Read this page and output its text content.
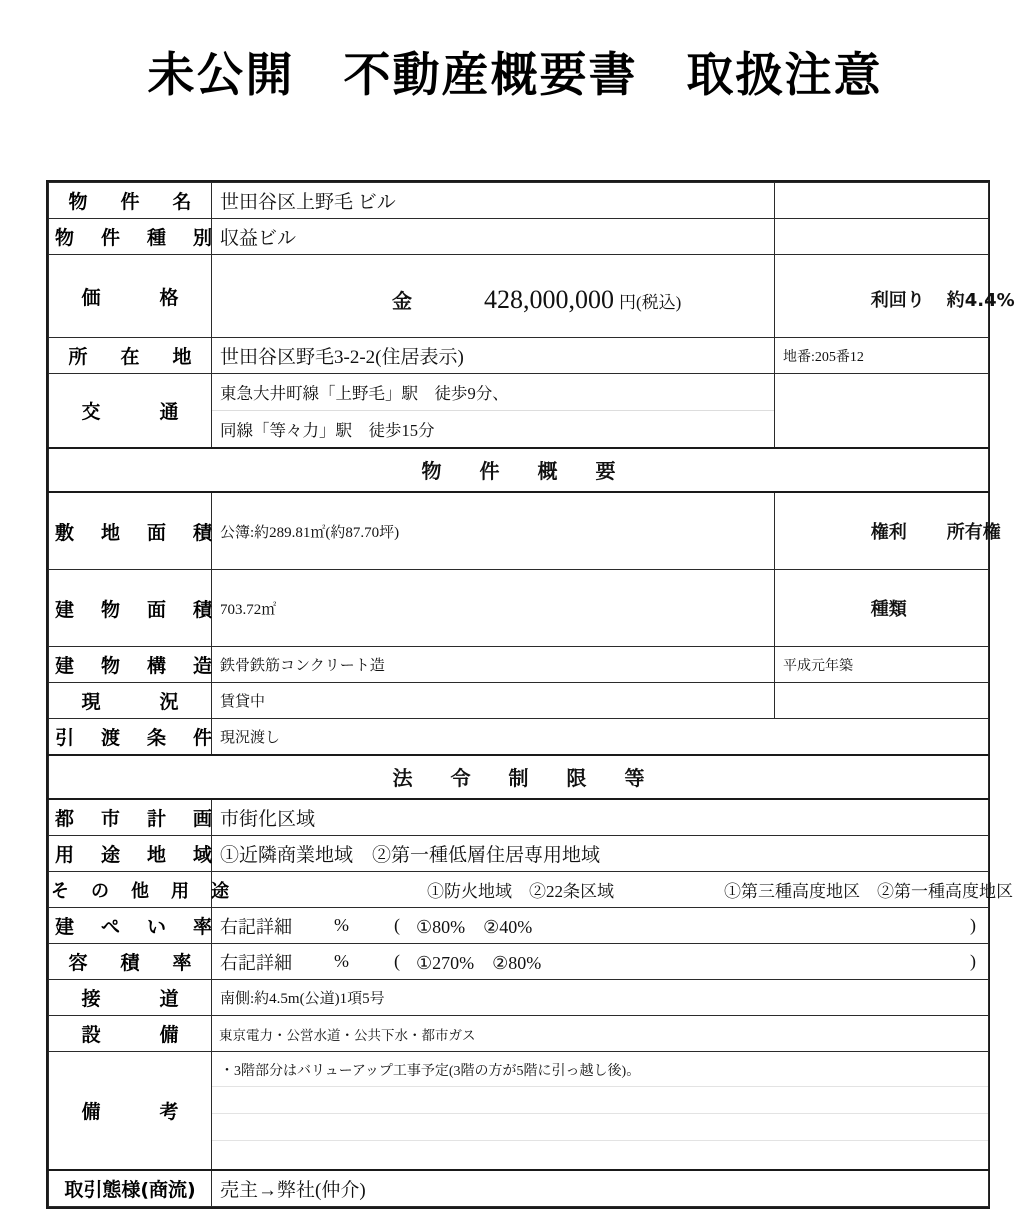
未公開　不動産概要書　取扱注意
物　件　名	世田谷区上野毛 ビル	

物　件　種　別	収益ビル	

価　　格	金 428,000,000 円(税込)	利回り 約4.4%

所　在　地	世田谷区野毛3-2-2(住居表示)	地番:205番12

交　　通	東急大井町線「上野毛」駅　徒歩9分、
同線「等々力」駅　徒歩15分	

物　件　概　要		

敷　地　面　積	公簿:約289.81㎡(約87.70坪)	権利 所有権

建　物　面　積	703.72㎡	種類

建　物　構　造	鉄骨鉄筋コンクリート造	平成元年築

現　　況	賃貸中	

引　渡　条　件	現況渡し	

法　令　制　限　等		

都　市　計　画	市街化区域	

用　途　地　域	①近隣商業地域　②第一種低層住居専用地域	

そ　の　他　用　途	①防火地域　②22条区域 ①第三種高度地区　②第一種高度地区	

建　ぺ　い　率	右記詳細 % ( ①80%　②40% )	

容　積　率	右記詳細 % ( ①270%　②80% )	

接　　道	南側:約4.5m(公道)1項5号	

設　　備	東京電力・公営水道・公共下水・都市ガス	

備　　考	・3階部分はバリューアップ工事予定(3階の方が5階に引っ越し後)。	

取引態様(商流)	売主→弊社(仲介)	
